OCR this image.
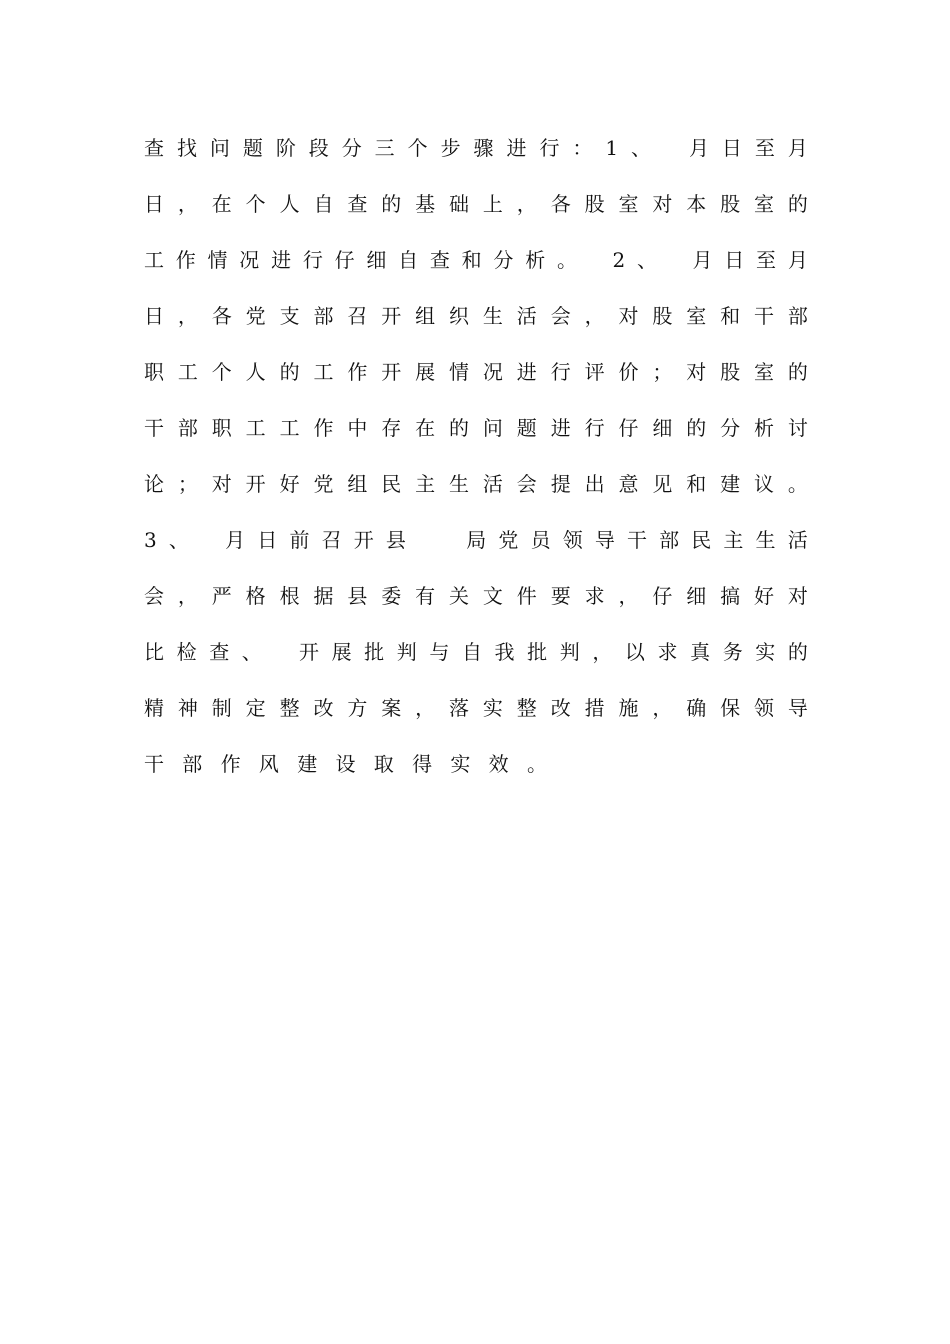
查 找 问 题 阶 段 分 三 个 步 骤 进 行 ： 1 、
月 日 至 月
日 ， 在 个 人 自 查 的 基 础 上 ， 各 股 室 对 本 股 室 的
工 作 情 况 进 行 仔 细 自 查 和 分 析 。
2 、
月 日 至 月
日 ， 各 党 支 部 召 开 组 织 生 活 会 ， 对 股 室 和 干 部
职 工 个 人 的 工 作 开 展 情 况 进 行 评 价 ； 对 股 室 的
干 部 职 工 工 作 中 存 在 的 问 题 进 行 仔 细 的 分 析 讨
论 ； 对 开 好 党 组 民 主 生 活 会 提 出 意 见 和 建 议 。
3 、
月 日 前 召 开 县

	局 党 员 领 导 干 部 民 主 生 活
会 ， 严 格 根 据 县 委 有 关 文 件 要 求 ， 仔 细 搞 好 对
比 检 查 、
开 展 批 判 与 自 我 批 判 ， 以 求 真 务 实 的
精 神 制 定 整 改 方 案 ， 落 实 整 改 措 施 ， 确 保 领 导
干 部 作 风 建 设 取 得 实 效 。
